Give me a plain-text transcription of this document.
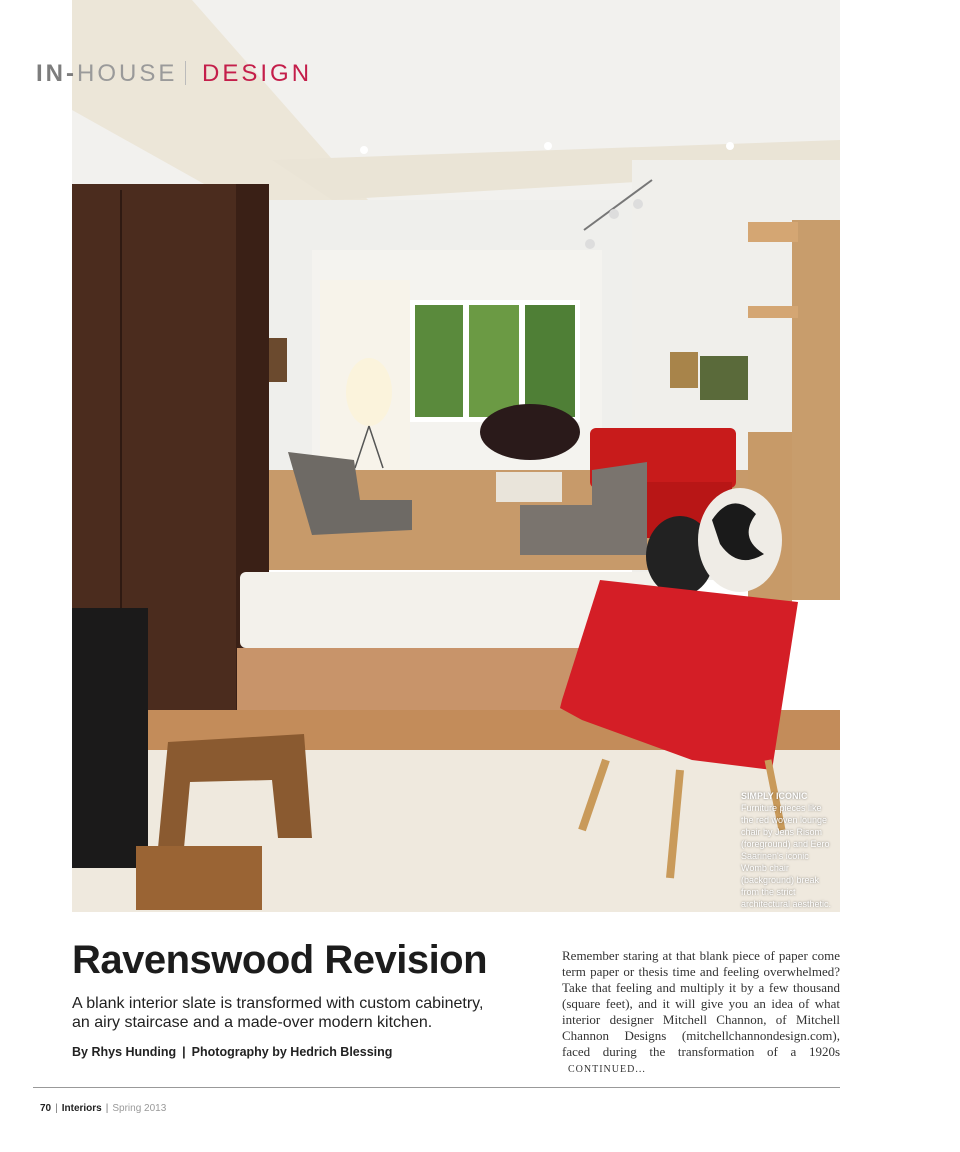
IN-HOUSE DESIGN
SIMPLY ICONIC
Furniture pieces like the red woven lounge chair by Jens Risom (foreground) and Eero Saarinen's iconic Womb chair (background) break from the strict architectural aesthetic.
Ravenswood Revision
A blank interior slate is transformed with custom cabinetry, an airy staircase and a made-over modern kitchen.
By Rhys Hunding | Photography by Hedrich Blessing
Remember staring at that blank piece of paper come term paper or thesis time and feeling overwhelmed? Take that feeling and multiply it by a few thousand (square feet), and it will give you an idea of what interior designer Mitchell Channon, of Mitchell Channon Designs (mitchellchannondesign.com), faced during the transformation of a 1920s CONTINUED...
70 | Interiors | Spring 2013
